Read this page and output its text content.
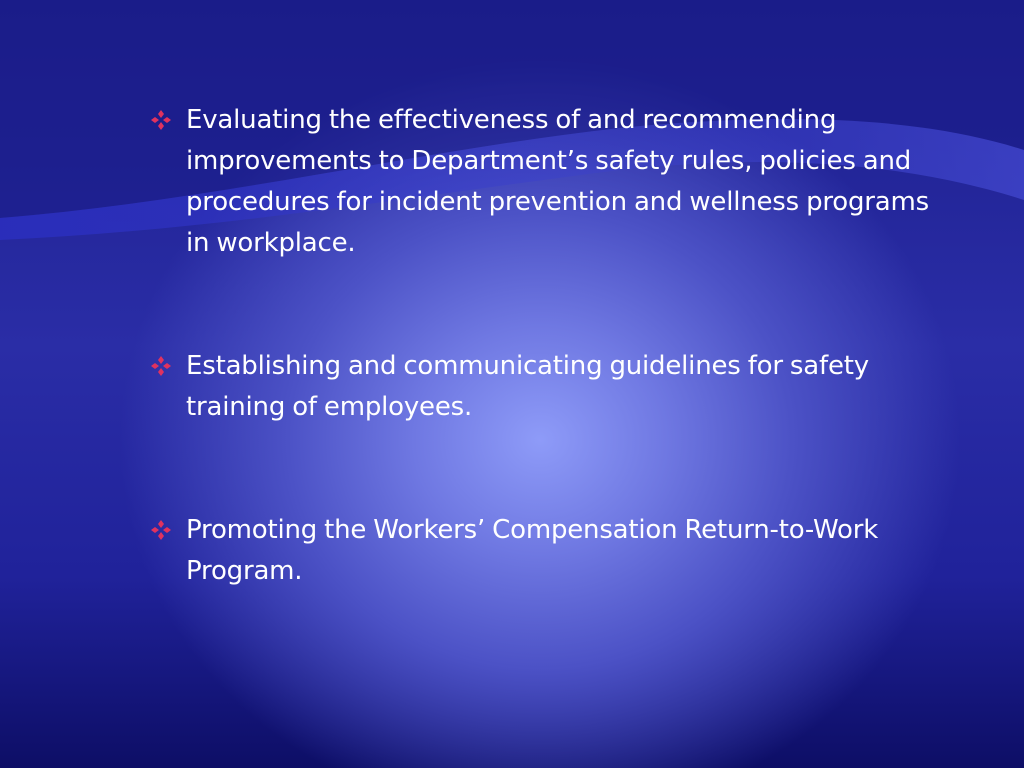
Evaluating the effectiveness of and recommending improvements to Department’s safety rules, policies and procedures for incident prevention and wellness programs in workplace.
Establishing and communicating guidelines for safety training of employees.
Promoting the Workers’ Compensation Return-to-Work Program.
